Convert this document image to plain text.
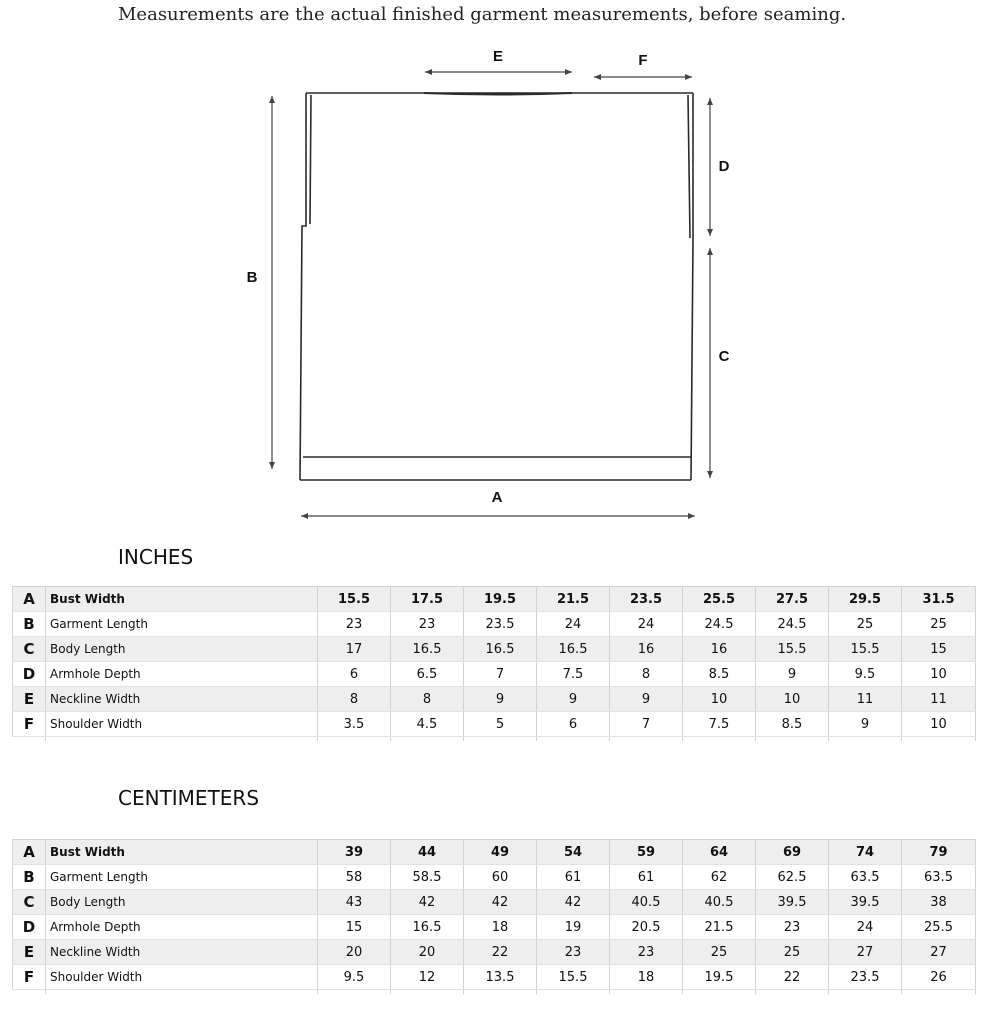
Measurements are the actual finished garment measurements, before seaming.

E	F
B
D
C
A
INCHES
A	Bust Width	15.5	17.5	19.5	21.5	23.5	25.5	27.5	29.5	31.5
B	Garment Length	23	23	23.5	24	24	24.5	24.5	25	25
C	Body Length	17	16.5	16.5	16.5	16	16	15.5	15.5	15
D	Armhole Depth	6	6.5	7	7.5	8	8.5	9	9.5	10
E	Neckline Width	8	8	9	9	9	10	10	11	11
F	Shoulder Width	3.5	4.5	5	6	7	7.5	8.5	9	10

CENTIMETERS
A	Bust Width	39	44	49	54	59	64	69	74	79
B	Garment Length	58	58.5	60	61	61	62	62.5	63.5	63.5
C	Body Length	43	42	42	42	40.5	40.5	39.5	39.5	38
D	Armhole Depth	15	16.5	18	19	20.5	21.5	23	24	25.5
E	Neckline Width	20	20	22	23	23	25	25	27	27
F	Shoulder Width	9.5	12	13.5	15.5	18	19.5	22	23.5	26
